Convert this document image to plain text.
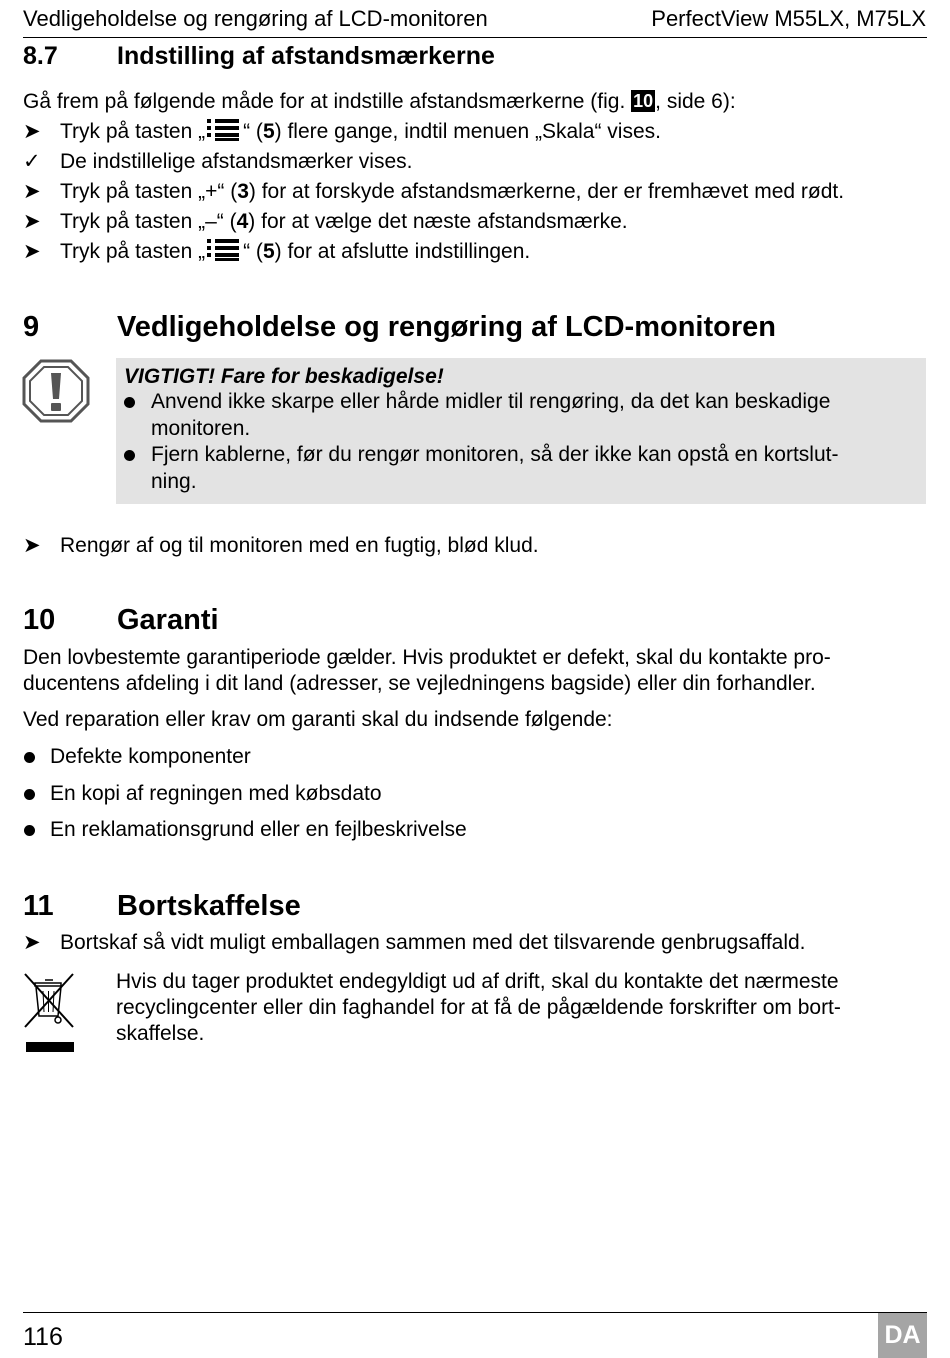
Vedligeholdelse og rengøring af LCD-monitoren	PerfectView M55LX, M75LX
8.7 Indstilling af afstandsmærkerne
Gå frem på følgende måde for at indstille afstandsmærkerne (fig. 10, side 6):
➤ Tryk på tasten „ “ (5) flere gange, indtil menuen „Skala“ vises.
✓ De indstillelige afstandsmærker vises.
➤ Tryk på tasten „+“ (3) for at forskyde afstandsmærkerne, der er fremhævet med rødt.
➤ Tryk på tasten „–“ (4) for at vælge det næste afstandsmærke.
➤ Tryk på tasten „ “ (5) for at afslutte indstillingen.
9	Vedligeholdelse og rengøring af LCD-monitoren
VIGTIGT! Fare for beskadigelse!
Anvend ikke skarpe eller hårde midler til rengøring, da det kan beskadige
monitoren.
Fjern kablerne, før du rengør monitoren, så der ikke kan opstå en kortslut-
ning.
➤ Rengør af og til monitoren med en fugtig, blød klud.
10 Garanti
Den lovbestemte garantiperiode gælder. Hvis produktet er defekt, skal du kontakte pro-
ducentens afdeling i dit land (adresser, se vejledningens bagside) eller din forhandler.
Ved reparation eller krav om garanti skal du indsende følgende:
Defekte komponenter
En kopi af regningen med købsdato
En reklamationsgrund eller en fejlbeskrivelse
11 Bortskaffelse
➤ Bortskaf så vidt muligt emballagen sammen med det tilsvarende genbrugsaffald.
Hvis du tager produktet endegyldigt ud af drift, skal du kontakte det nærmeste
recyclingcenter eller din faghandel for at få de pågældende forskrifter om bort-
skaffelse.
116	DA
